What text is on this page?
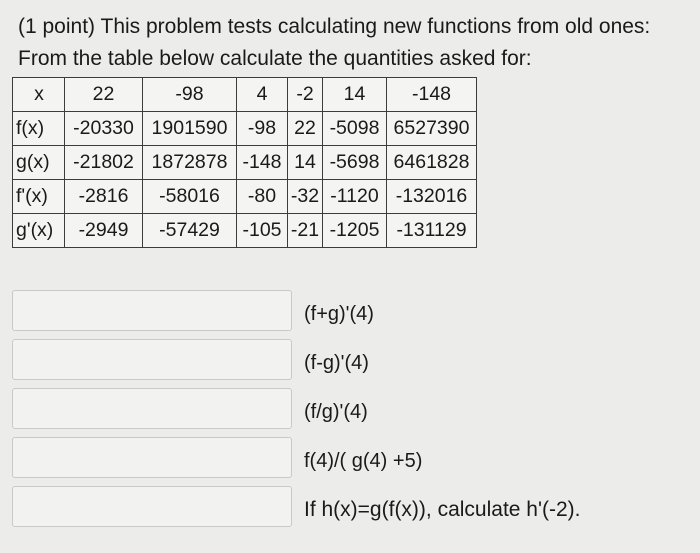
(1 point) This problem tests calculating new functions from old ones:
From the table below calculate the quantities asked for:
x	22	-98	4	-2	14	-148
f(x)	-20330	1901590	-98	22	-5098	6527390
g(x)	-21802	1872878	-148	14	-5698	6461828
f'(x)	-2816	-58016	-80	-32	-1120	-132016
g'(x)	-2949	-57429	-105	-21	-1205	-131129
(f+g)'(4)
(f-g)'(4)
(f/g)'(4)
f(4)/( g(4) +5)
If h(x)=g(f(x)), calculate h'(-2).
